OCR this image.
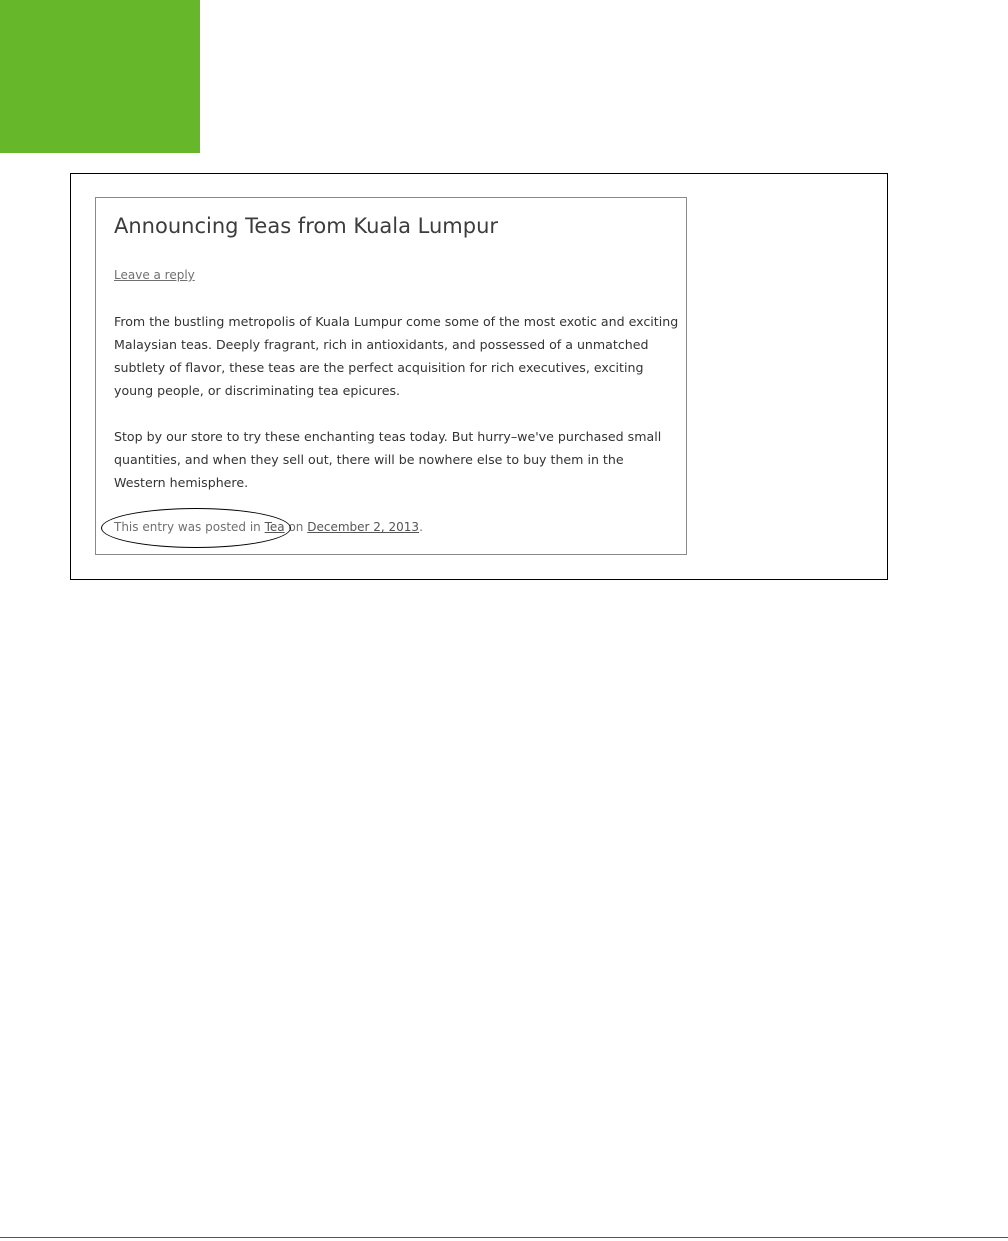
Announcing Teas from Kuala Lumpur
Leave a reply

From the bustling metropolis of Kuala Lumpur come some of the most exotic and exciting Malaysian teas. Deeply fragrant, rich in antioxidants, and possessed of a unmatched subtlety of flavor, these teas are the perfect acquisition for rich executives, exciting young people, or discriminating tea epicures.

Stop by our store to try these enchanting teas today. But hurry–we've purchased small quantities, and when they sell out, there will be nowhere else to buy them in the Western hemisphere.

This entry was posted in Tea on December 2, 2013.
